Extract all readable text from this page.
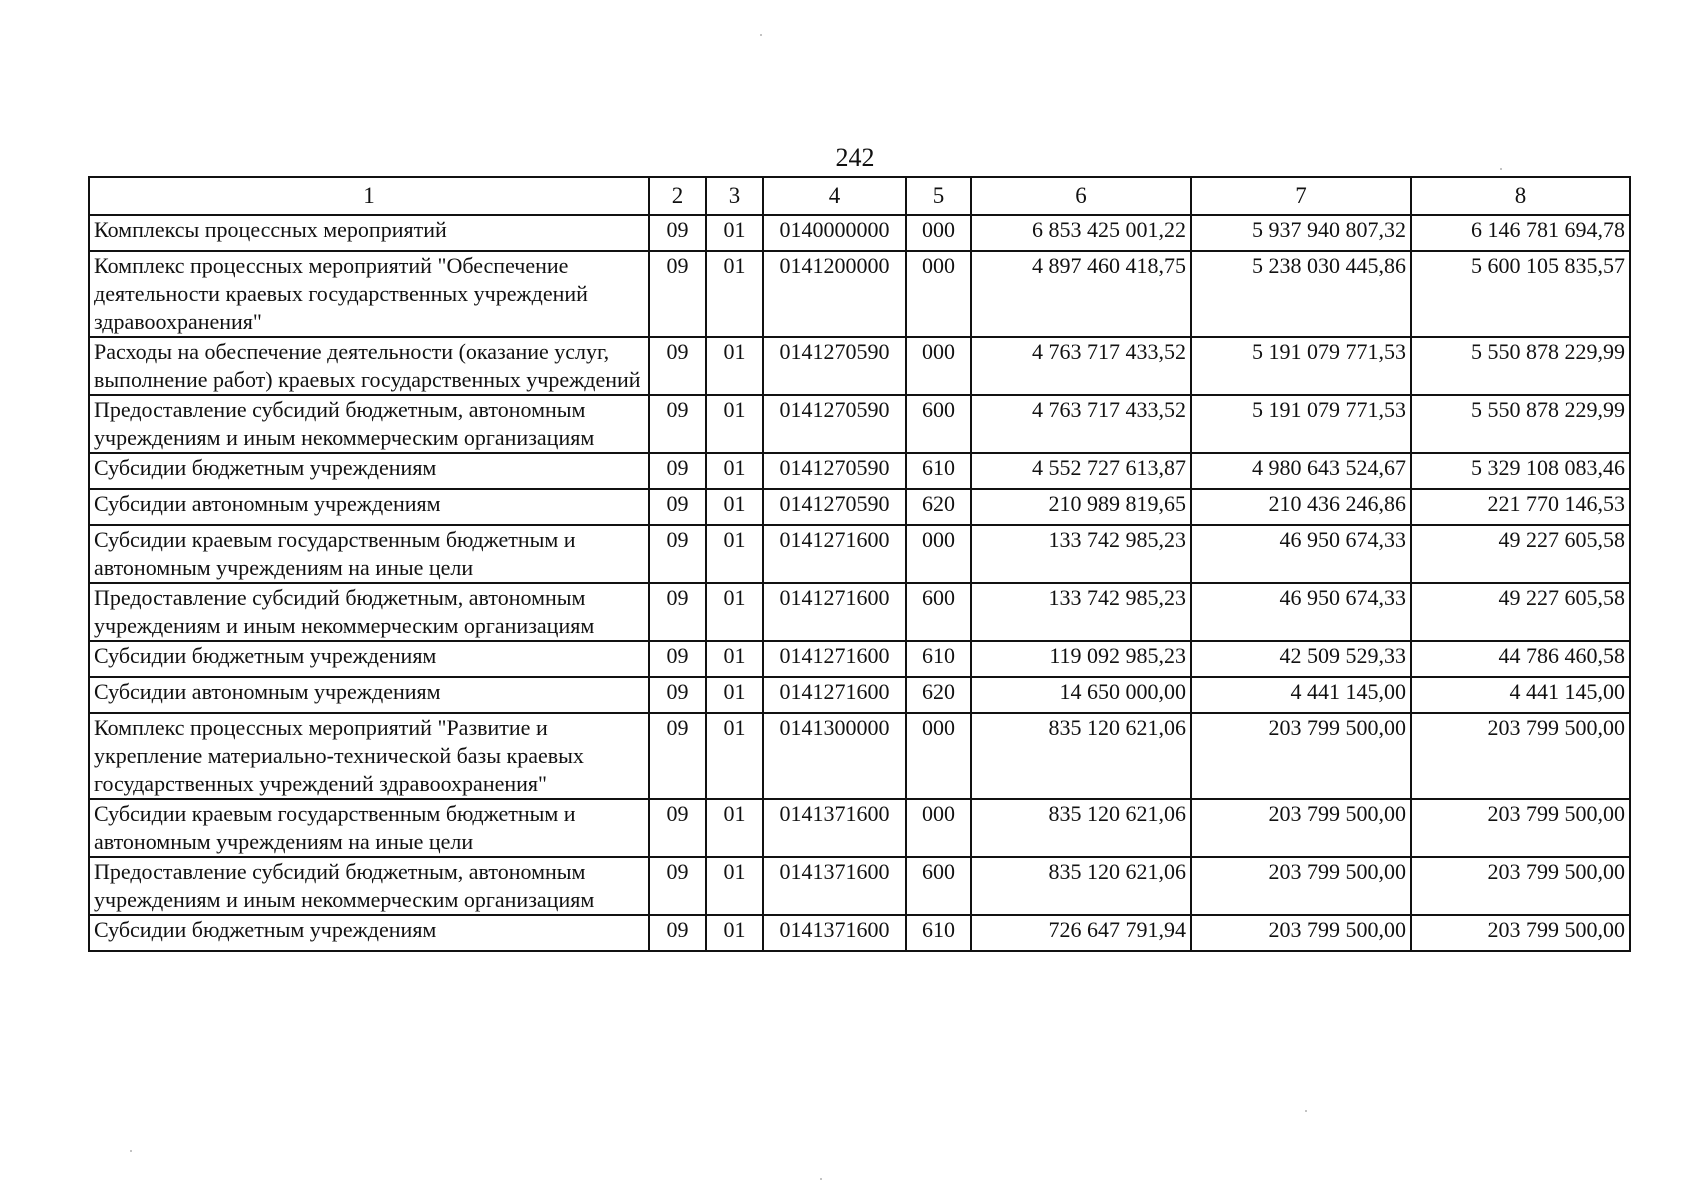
242
1	2	3	4	5	6	7	8
Комплексы процессных мероприятий	09	01	0140000000	000	6 853 425 001,22	5 937 940 807,32	6 146 781 694,78
Комплекс процессных мероприятий "Обеспечение деятельности краевых государственных учреждений здравоохранения"	09	01	0141200000	000	4 897 460 418,75	5 238 030 445,86	5 600 105 835,57
Расходы на обеспечение деятельности (оказание услуг, выполнение работ) краевых государственных учреждений	09	01	0141270590	000	4 763 717 433,52	5 191 079 771,53	5 550 878 229,99
Предоставление субсидий бюджетным, автономным учреждениям и иным некоммерческим организациям	09	01	0141270590	600	4 763 717 433,52	5 191 079 771,53	5 550 878 229,99
Субсидии бюджетным учреждениям	09	01	0141270590	610	4 552 727 613,87	4 980 643 524,67	5 329 108 083,46
Субсидии автономным учреждениям	09	01	0141270590	620	210 989 819,65	210 436 246,86	221 770 146,53
Субсидии краевым государственным бюджетным и автономным учреждениям на иные цели	09	01	0141271600	000	133 742 985,23	46 950 674,33	49 227 605,58
Предоставление субсидий бюджетным, автономным учреждениям и иным некоммерческим организациям	09	01	0141271600	600	133 742 985,23	46 950 674,33	49 227 605,58
Субсидии бюджетным учреждениям	09	01	0141271600	610	119 092 985,23	42 509 529,33	44 786 460,58
Субсидии автономным учреждениям	09	01	0141271600	620	14 650 000,00	4 441 145,00	4 441 145,00
Комплекс процессных мероприятий "Развитие и укрепление материально-технической базы краевых государственных учреждений здравоохранения"	09	01	0141300000	000	835 120 621,06	203 799 500,00	203 799 500,00
Субсидии краевым государственным бюджетным и автономным учреждениям на иные цели	09	01	0141371600	000	835 120 621,06	203 799 500,00	203 799 500,00
Предоставление субсидий бюджетным, автономным учреждениям и иным некоммерческим организациям	09	01	0141371600	600	835 120 621,06	203 799 500,00	203 799 500,00
Субсидии бюджетным учреждениям	09	01	0141371600	610	726 647 791,94	203 799 500,00	203 799 500,00
